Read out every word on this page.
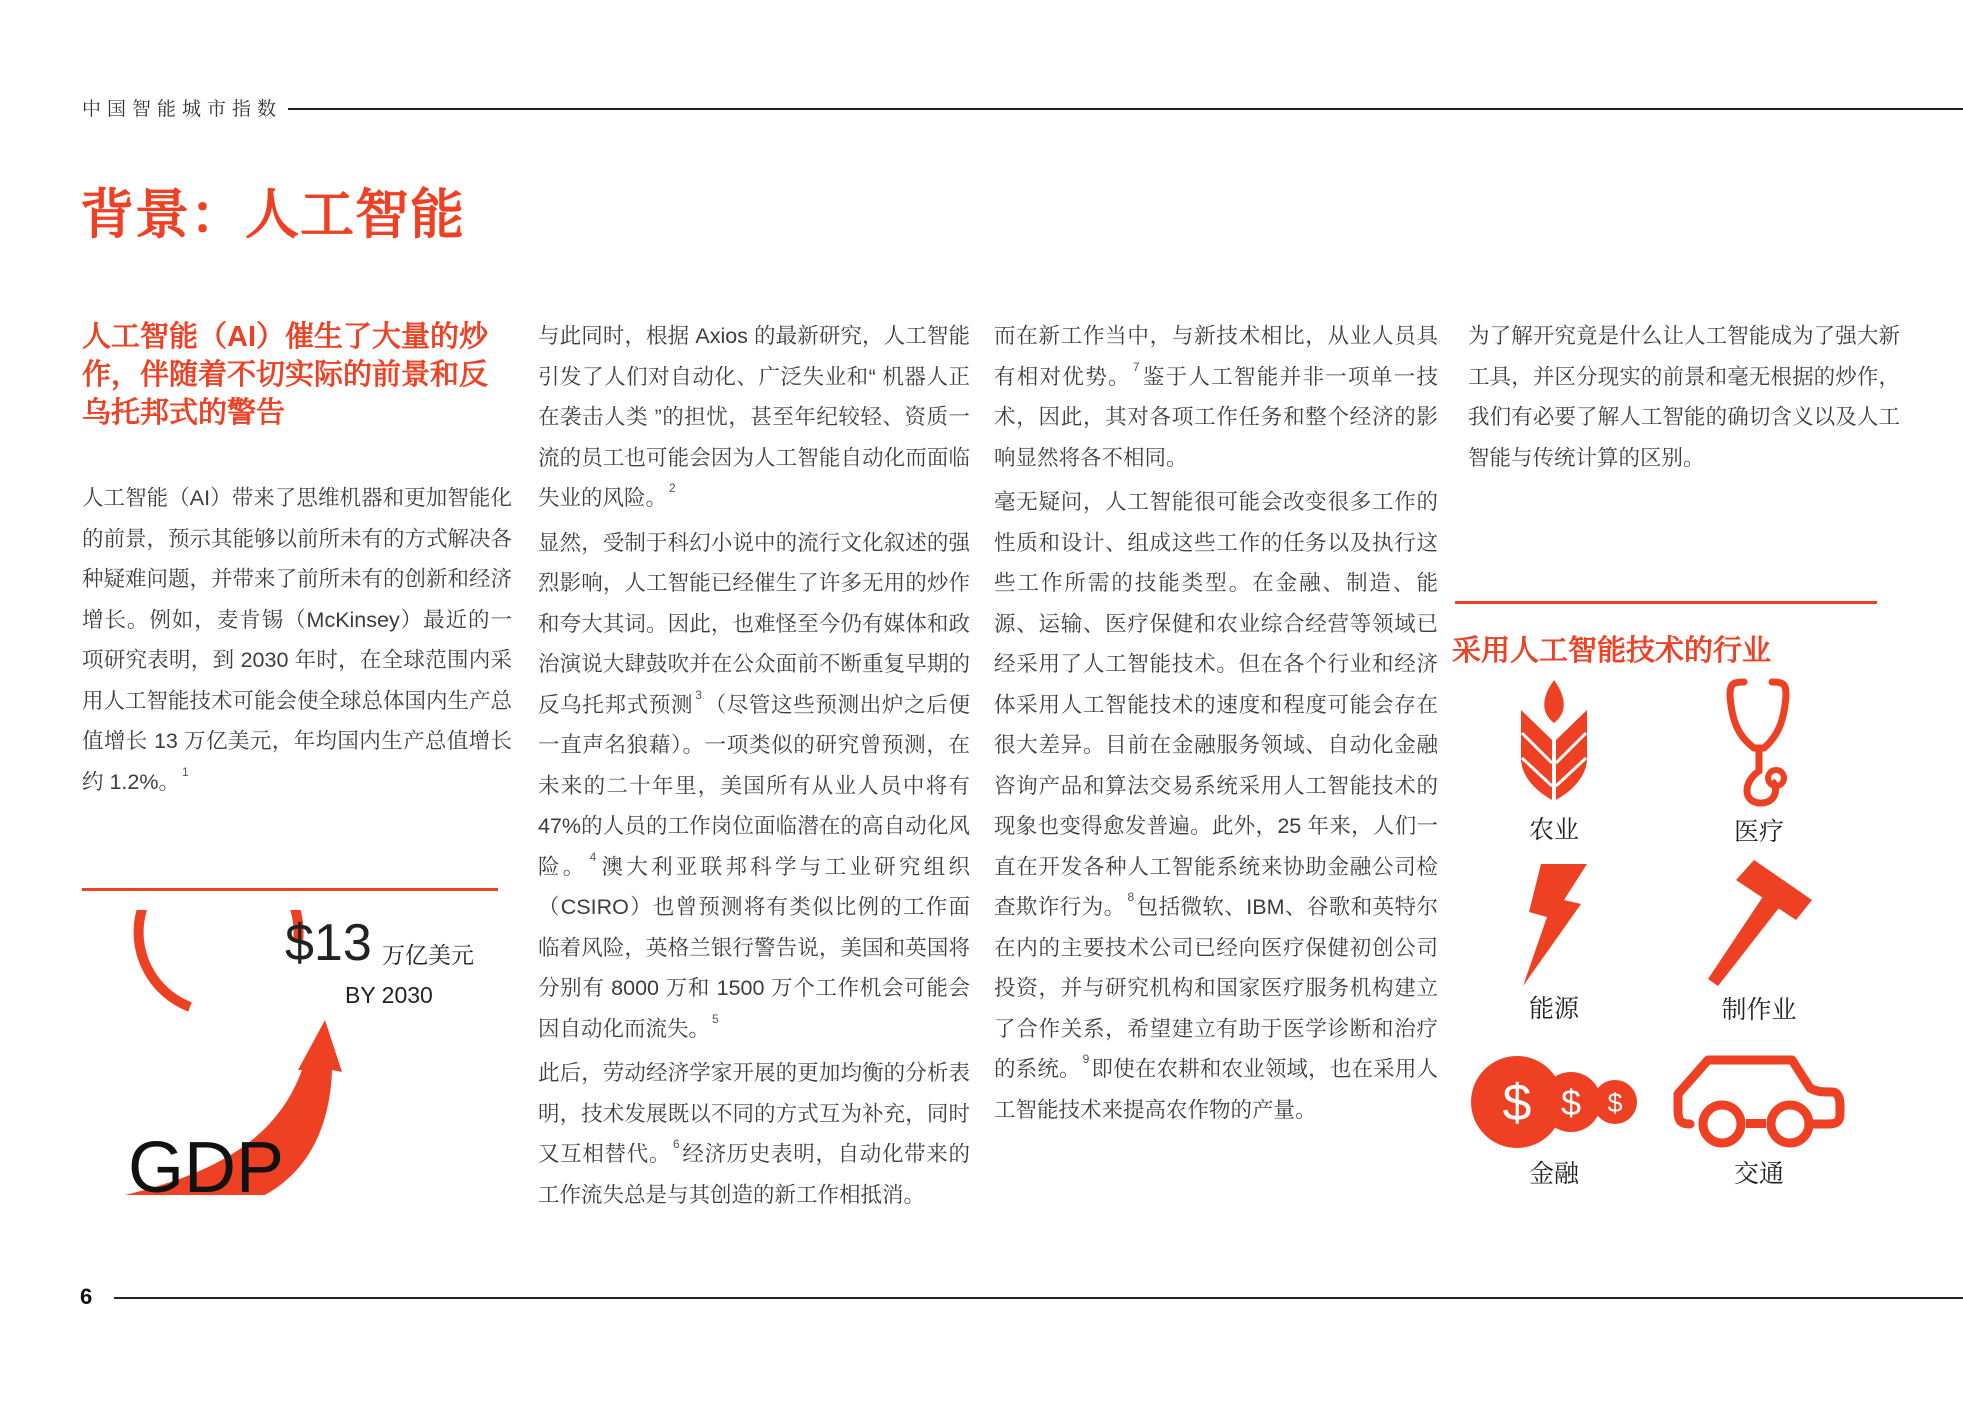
中国智能城市指数
背景：人工智能
人工智能（AI）催生了大量的炒作，伴随着不切实际的前景和反乌托邦式的警告

人工智能（AI）带来了思维机器和更加智能化的前景，预示其能够以前所未有的方式解决各种疑难问题，并带来了前所未有的创新和经济增长。例如，麦肯锡（McKinsey）最近的一项研究表明，到 2030 年时，在全球范围内采用人工智能技术可能会使全球总体国内生产总值增长 13 万亿美元，年均国内生产总值增长约 1.2%。 $^1$

与此同时，根据 Axios 的最新研究，人工智能引发了人们对自动化、广泛失业和“ 机器人正在袭击人类 ”的担忧，甚至年纪较轻、资质一流的员工也可能会因为人工智能自动化而面临失业的风险。 $^2$

显然，受制于科幻小说中的流行文化叙述的强烈影响，人工智能已经催生了许多无用的炒作和夸大其词。因此，也难怪至今仍有媒体和政治演说大肆鼓吹并在公众面前不断重复早期的反乌托邦式预测 $^3$（尽管这些预测出炉之后便一直声名狼藉）。一项类似的研究曾预测，在未来的二十年里，美国所有从业人员中将有 47%的人员的工作岗位面临潜在的高自动化风险。 $^4$澳大利亚联邦科学与工业研究组织（CSIRO）也曾预测将有类似比例的工作面临着风险，英格兰银行警告说，美国和英国将分别有 8000 万和 1500 万个工作机会可能会因自动化而流失。 $^5$

此后，劳动经济学家开展的更加均衡的分析表明，技术发展既以不同的方式互为补充，同时又互相替代。 $^6$经济历史表明，自动化带来的工作流失总是与其创造的新工作相抵消。

而在新工作当中，与新技术相比，从业人员具有相对优势。 $^7$鉴于人工智能并非一项单一技术，因此，其对各项工作任务和整个经济的影响显然将各不相同。

毫无疑问，人工智能很可能会改变很多工作的性质和设计、组成这些工作的任务以及执行这些工作所需的技能类型。在金融、制造、能源、运输、医疗保健和农业综合经营等领域已经采用了人工智能技术。但在各个行业和经济体采用人工智能技术的速度和程度可能会存在很大差异。目前在金融服务领域、自动化金融咨询产品和算法交易系统采用人工智能技术的现象也变得愈发普遍。此外，25 年来，人们一直在开发各种人工智能系统来协助金融公司检查欺诈行为。 $^8$包括微软、IBM、谷歌和英特尔在内的主要技术公司已经向医疗保健初创公司投资，并与研究机构和国家医疗服务机构建立了合作关系，希望建立有助于医学诊断和治疗的系统。 $^9$即使在农耕和农业领域，也在采用人工智能技术来提高农作物的产量。

为了解开究竟是什么让人工智能成为了强大新工具，并区分现实的前景和毫无根据的炒作，我们有必要了解人工智能的确切含义以及人工智能与传统计算的区别。

$13 万亿美元
BY 2030
GDP
采用人工智能技术的行业
农业	医疗
能源	制作业
$ $ $
金融	交通
6
